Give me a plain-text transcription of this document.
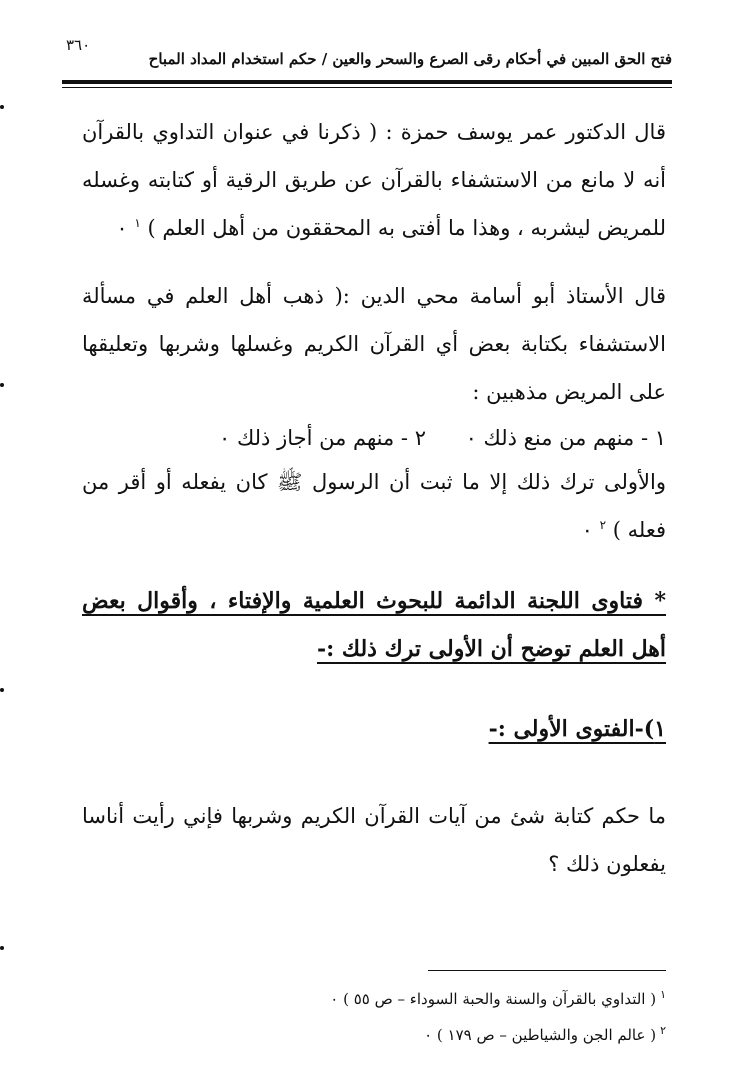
فتح الحق المبين في أحكام رقى الصرع والسحر والعين / حكم استخدام المداد المباح
٣٦٠
قال الدكتور عمر يوسف حمزة : ( ذكرنا في عنوان التداوي بالقرآن أنه لا مانع من الاستشفاء بالقرآن عن طريق الرقية أو كتابته وغسله للمريض ليشربه ، وهذا ما أفتى به المحققون من أهل العلم ) $^١$ ٠
قال الأستاذ أبو أسامة محي الدين :( ذهب أهل العلم في مسألة الاستشفاء بكتابة بعض أي القرآن الكريم وغسلها وشربها وتعليقها على المريض مذهبين :
١ - منهم من منع ذلك ٠
٢ - منهم من أجاز ذلك ٠
والأولى ترك ذلك إلا ما ثبت أن الرسول ﷺ كان يفعله أو أقر من فعله ) $^٢$ ٠
* فتاوى اللجنة الدائمة للبحوث العلمية والإفتاء ، وأقوال بعض
أهل العلم توضح أن الأولى ترك ذلك :-
١)-الفتوى الأولى :-
ما حكم كتابة شئ من آيات القرآن الكريم وشربها فإني رأيت أناسا يفعلون ذلك ؟
$^١$( التداوي بالقرآن والسنة والحبة السوداء – ص ٥٥ ) ٠
$^٢$( عالم الجن والشياطين – ص ١٧٩ ) ٠
